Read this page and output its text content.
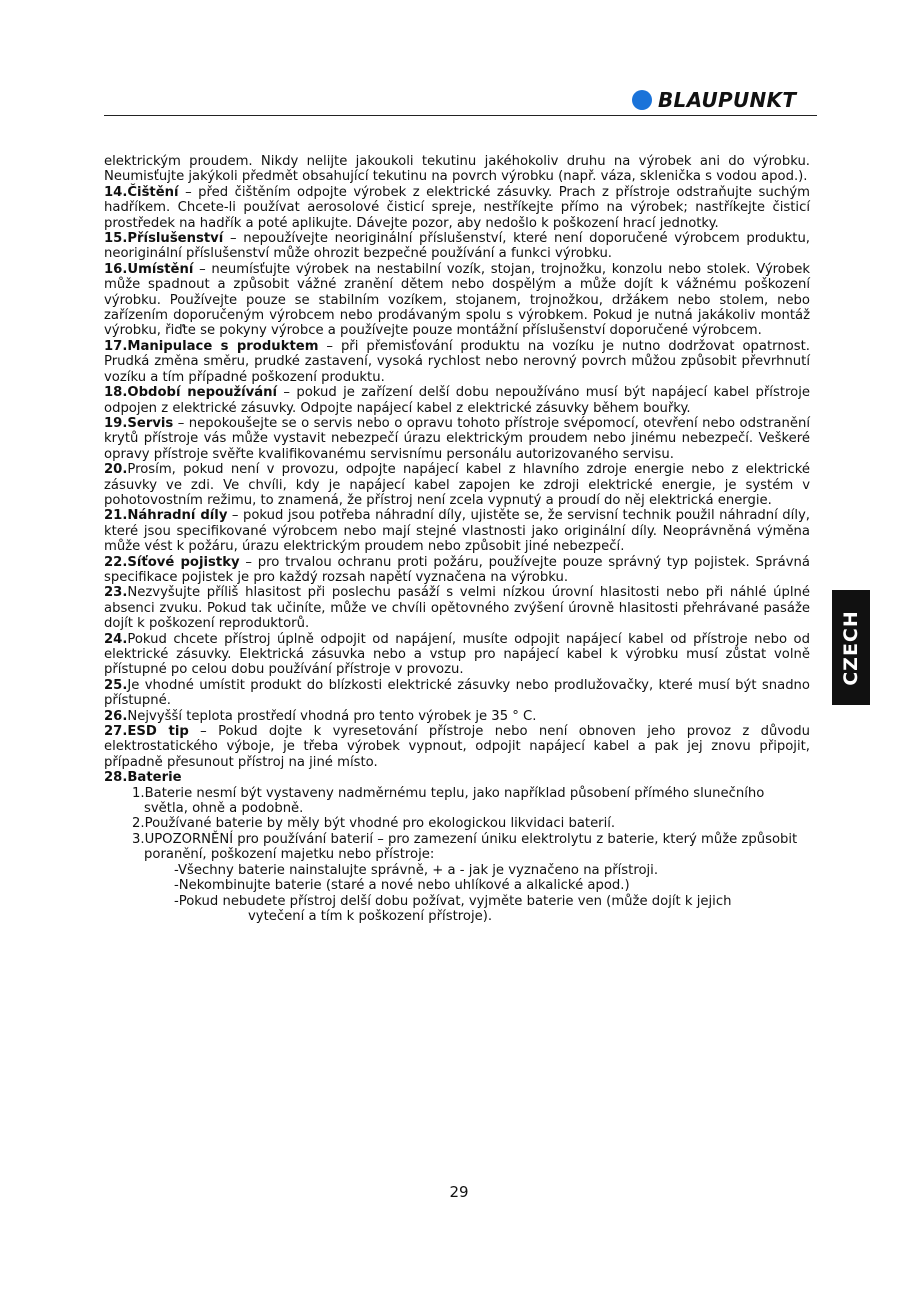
BLAUPUNKT

elektrickým proudem. Nikdy nelijte jakoukoli tekutinu jakéhokoliv druhu na výrobek ani do výrobku. Neumisťujte jakýkoli předmět obsahující tekutinu na povrch výrobku (např. váza, sklenička s vodou apod.).

14.Čištění – před čištěním odpojte výrobek z elektrické zásuvky. Prach z přístroje odstraňujte suchým hadříkem. Chcete-li používat aerosolové čisticí spreje, nestříkejte přímo na výrobek; nastříkejte čisticí prostředek na hadřík a poté aplikujte. Dávejte pozor, aby nedošlo k poškození hrací jednotky.

15.Příslušenství – nepoužívejte neoriginální příslušenství, které není doporučené výrobcem produktu, neoriginální příslušenství může ohrozit bezpečné používání a funkci výrobku.

16.Umístění – neumísťujte výrobek na nestabilní vozík, stojan, trojnožku, konzolu nebo stolek. Výrobek může spadnout a způsobit vážné zranění dětem nebo dospělým a může dojít k vážnému poškození výrobku. Používejte pouze se stabilním vozíkem, stojanem, trojnožkou, držákem nebo stolem, nebo zařízením doporučeným výrobcem nebo prodávaným spolu s výrobkem. Pokud je nutná jakákoliv montáž výrobku, řiďte se pokyny výrobce a používejte pouze montážní příslušenství doporučené výrobcem.

17.Manipulace s produktem – při přemisťování produktu na vozíku je nutno dodržovat opatrnost. Prudká změna směru, prudké zastavení, vysoká rychlost nebo nerovný povrch můžou způsobit převrhnutí vozíku a tím případné poškození produktu.

18.Období nepoužívání – pokud je zařízení delší dobu nepoužíváno musí být napájecí kabel přístroje odpojen z elektrické zásuvky. Odpojte napájecí kabel z elektrické zásuvky během bouřky.

19.Servis – nepokoušejte se o servis nebo o opravu tohoto přístroje svépomocí, otevření nebo odstranění krytů přístroje vás může vystavit nebezpečí úrazu elektrickým proudem nebo jinému nebezpečí. Veškeré opravy přístroje svěřte kvalifikovanému servisnímu personálu autorizovaného servisu.

20.Prosím, pokud není v provozu, odpojte napájecí kabel z hlavního zdroje energie nebo z elektrické zásuvky ve zdi. Ve chvíli, kdy je napájecí kabel zapojen ke zdroji elektrické energie, je systém v pohotovostním režimu, to znamená, že přístroj není zcela vypnutý a proudí do něj elektrická energie.

21.Náhradní díly – pokud jsou potřeba náhradní díly, ujistěte se, že servisní technik použil náhradní díly, které jsou specifikované výrobcem nebo mají stejné vlastnosti jako originální díly. Neoprávněná výměna může vést k požáru, úrazu elektrickým proudem nebo způsobit jiné nebezpečí.

22.Síťové pojistky – pro trvalou ochranu proti požáru, používejte pouze správný typ pojistek. Správná specifikace pojistek je pro každý rozsah napětí vyznačena na výrobku.

23.Nezvyšujte příliš hlasitost při poslechu pasáží s velmi nízkou úrovní hlasitosti nebo při náhlé úplné absenci zvuku. Pokud tak učiníte, může ve chvíli opětovného zvýšení úrovně hlasitosti přehrávané pasáže dojít k poškození reproduktorů.

24.Pokud chcete přístroj úplně odpojit od napájení, musíte odpojit napájecí kabel od přístroje nebo od elektrické zásuvky. Elektrická zásuvka nebo a vstup pro napájecí kabel k výrobku musí zůstat volně přístupné po celou dobu používání přístroje v provozu.

25.Je vhodné umístit produkt do blízkosti elektrické zásuvky nebo prodlužovačky, které musí být snadno přístupné.

26.Nejvyšší teplota prostředí vhodná pro tento výrobek je 35 ° C.

27.ESD tip – Pokud dojte k vyresetování přístroje nebo není obnoven jeho provoz z důvodu elektrostatického výboje, je třeba výrobek vypnout, odpojit napájecí kabel a pak jej znovu připojit, případně přesunout přístroj na jiné místo.

28.Baterie

1.Baterie nesmí být vystaveny nadměrnému teplu, jako například působení přímého slunečního světla, ohně a podobně.

2.Používané baterie by měly být vhodné pro ekologickou likvidaci baterií.

3.UPOZORNĚNÍ pro používání baterií – pro zamezení úniku elektrolytu z baterie, který může způsobit poranění, poškození majetku nebo přístroje:

-Všechny baterie nainstalujte správně, + a - jak je vyznačeno na přístroji.

-Nekombinujte baterie (staré a nové nebo uhlíkové a alkalické apod.)

-Pokud nebudete přístroj delší dobu požívat, vyjměte baterie ven (může dojít k jejich
vytečení a tím k poškození přístroje).

CZECH
29
